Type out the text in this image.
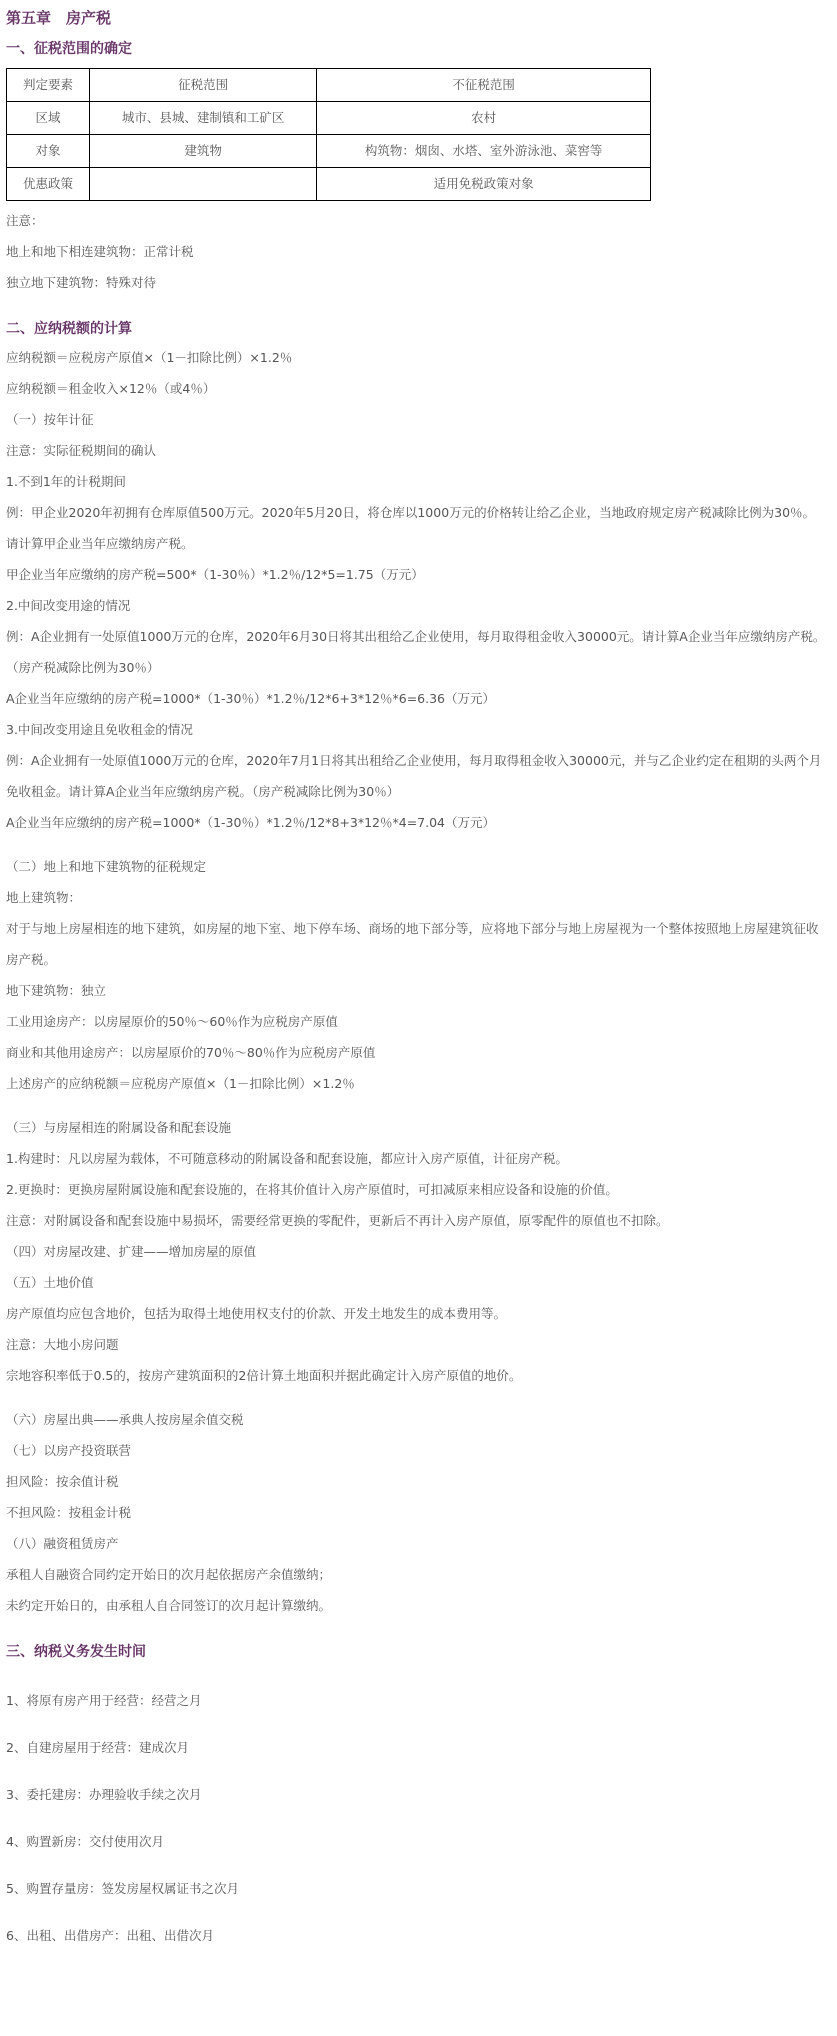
第五章　房产税
一、征税范围的确定
判定要素	征税范围	不征税范围
区域	城市、县城、建制镇和工矿区	农村
对象	建筑物	构筑物：烟囱、水塔、室外游泳池、菜窖等
优惠政策		适用免税政策对象

注意：

地上和地下相连建筑物：正常计税

独立地下建筑物：特殊对待

二、应纳税额的计算

应纳税额＝应税房产原值×（1－扣除比例）×1.2％

应纳税额＝租金收入×12％（或4％）

（一）按年计征

注意：实际征税期间的确认

1.不到1年的计税期间

例：甲企业2020年初拥有仓库原值500万元。2020年5月20日，将仓库以1000万元的价格转让给乙企业，当地政府规定房产税减除比例为30％。请计算甲企业当年应缴纳房产税。

甲企业当年应缴纳的房产税=500*（1-30％）*1.2％/12*5=1.75（万元）

2.中间改变用途的情况

例：A企业拥有一处原值1000万元的仓库，2020年6月30日将其出租给乙企业使用，每月取得租金收入30000元。请计算A企业当年应缴纳房产税。（房产税减除比例为30％）

A企业当年应缴纳的房产税=1000*（1-30％）*1.2％/12*6+3*12％*6=6.36（万元）

3.中间改变用途且免收租金的情况

例：A企业拥有一处原值1000万元的仓库，2020年7月1日将其出租给乙企业使用，每月取得租金收入30000元，并与乙企业约定在租期的头两个月免收租金。请计算A企业当年应缴纳房产税。（房产税减除比例为30％）

A企业当年应缴纳的房产税=1000*（1-30％）*1.2％/12*8+3*12％*4=7.04（万元）

（二）地上和地下建筑物的征税规定

地上建筑物：

对于与地上房屋相连的地下建筑，如房屋的地下室、地下停车场、商场的地下部分等，应将地下部分与地上房屋视为一个整体按照地上房屋建筑征收房产税。

地下建筑物：独立

工业用途房产：以房屋原价的50％～60％作为应税房产原值

商业和其他用途房产：以房屋原价的70％～80％作为应税房产原值

上述房产的应纳税额＝应税房产原值×（1－扣除比例）×1.2％

（三）与房屋相连的附属设备和配套设施

1.构建时：凡以房屋为载体，不可随意移动的附属设备和配套设施，都应计入房产原值，计征房产税。

2.更换时：更换房屋附属设施和配套设施的，在将其价值计入房产原值时，可扣减原来相应设备和设施的价值。

注意：对附属设备和配套设施中易损坏，需要经常更换的零配件，更新后不再计入房产原值，原零配件的原值也不扣除。

（四）对房屋改建、扩建——增加房屋的原值

（五）土地价值

房产原值均应包含地价，包括为取得土地使用权支付的价款、开发土地发生的成本费用等。

注意：大地小房问题

宗地容积率低于0.5的，按房产建筑面积的2倍计算土地面积并据此确定计入房产原值的地价。

（六）房屋出典——承典人按房屋余值交税

（七）以房产投资联营

担风险：按余值计税

不担风险：按租金计税

（八）融资租赁房产

承租人自融资合同约定开始日的次月起依据房产余值缴纳；

未约定开始日的，由承租人自合同签订的次月起计算缴纳。

三、纳税义务发生时间

1、将原有房产用于经营：经营之月

2、自建房屋用于经营：建成次月

3、委托建房：办理验收手续之次月

4、购置新房：交付使用次月

5、购置存量房：签发房屋权属证书之次月

6、出租、出借房产：出租、出借次月
